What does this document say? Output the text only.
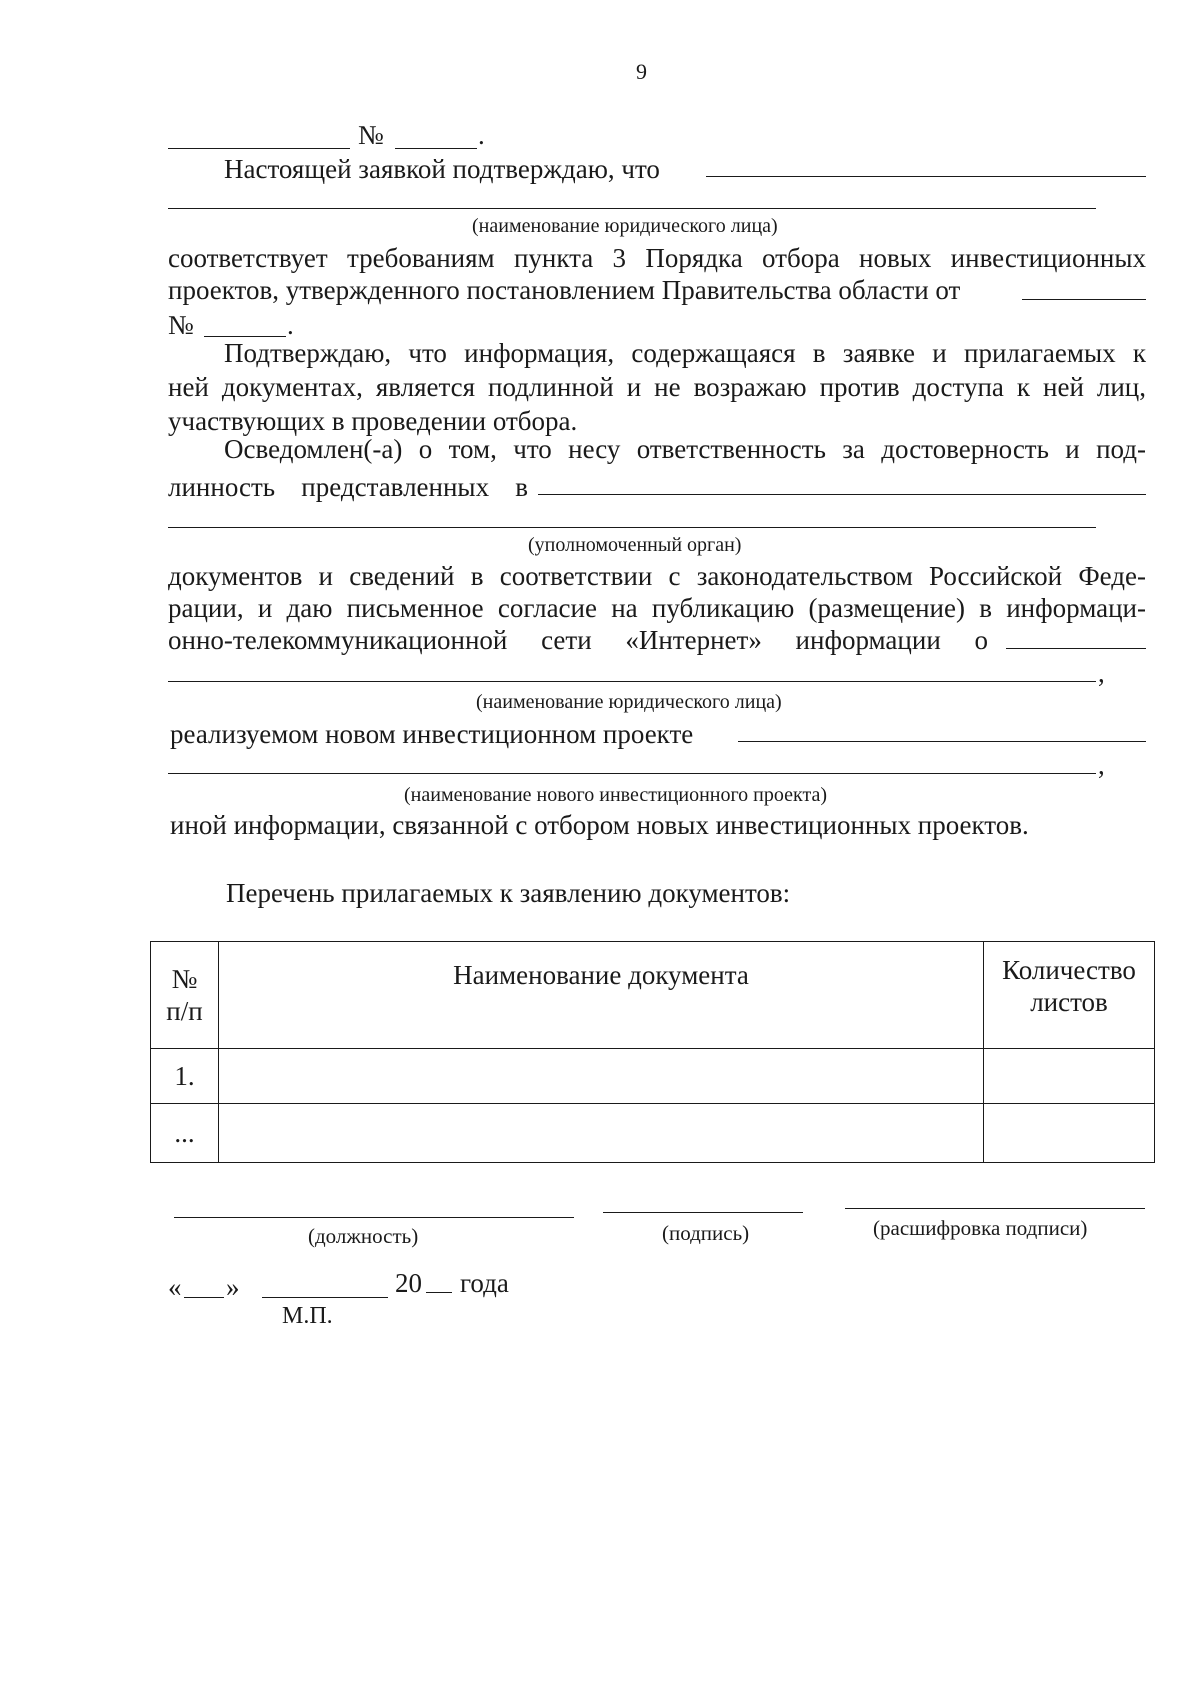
9
№	.
Настоящей заявкой подтверждаю, что
(наименование юридического лица)
соответствует требованиям пункта 3 Порядка отбора новых инвестиционных
проектов, утвержденного постановлением Правительства области от
№	.
Подтверждаю, что информация, содержащаяся в заявке и прилагаемых к
ней документах, является подлинной и не возражаю против доступа к ней лиц,
участвующих в проведении отбора.
Осведомлен(-а) о том, что несу ответственность за достоверность и под-
линность представленных в
(уполномоченный орган)
документов и сведений в соответствии с законодательством Российской Феде-
рации, и даю письменное согласие на публикацию (размещение) в информаци-
онно-телекоммуникационной сети «Интернет» информации о
,
(наименование юридического лица)
реализуемом новом инвестиционном проекте
,
(наименование нового инвестиционного проекта)
иной информации, связанной с отбором новых инвестиционных проектов.
Перечень прилагаемых к заявлению документов:
№ п/п	Наименование документа	Количество листов
1.		
...		
(должность)	(подпись)	(расшифровка подписи)
« »	20 года
М.П.
